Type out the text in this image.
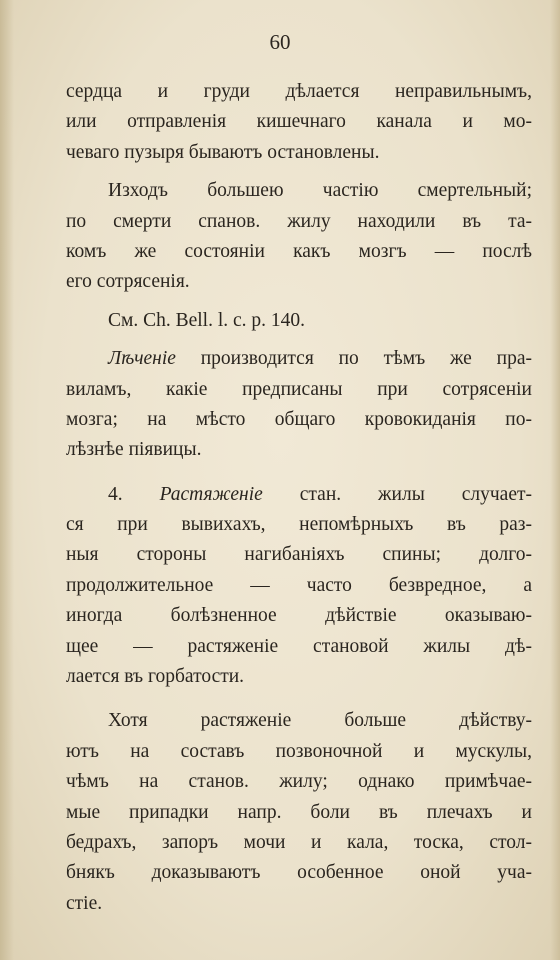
60
сердца и груди дѣлается неправильнымъ,
или отправленія кишечнаго канала и мо-
чеваго пузыря бываютъ остановлены.
Изходъ большею частію смертельный;
по смерти спанов. жилу находили въ та-
комъ же состояніи какъ мозгъ — послѣ
его сотрясенія.
См. Ch. Bell. l. c. p. 140.
Лѣченіе производится по тѣмъ же пра-
виламъ, какіе предписаны при сотрясеніи
мозга; на мѣсто общаго кровокиданія по-
лѣзнѣе піявицы.
4. Растяженіе стан. жилы случает-
ся при вывихахъ, непомѣрныхъ въ раз-
ныя стороны нагибаніяхъ спины; долго-
продолжительное — часто безвредное, а
иногда болѣзненное дѣйствіе оказываю-
щее — растяженіе становой жилы дѣ-
лается въ горбатости.
Хотя растяженіе больше дѣйству-
ютъ на составъ позвоночной и мускулы,
чѣмъ на станов. жилу; однако примѣчае-
мые припадки напр. боли въ плечахъ и
бедрахъ, запоръ мочи и кала, тоска, стол-
бнякъ доказываютъ особенное оной уча-
стіе.
